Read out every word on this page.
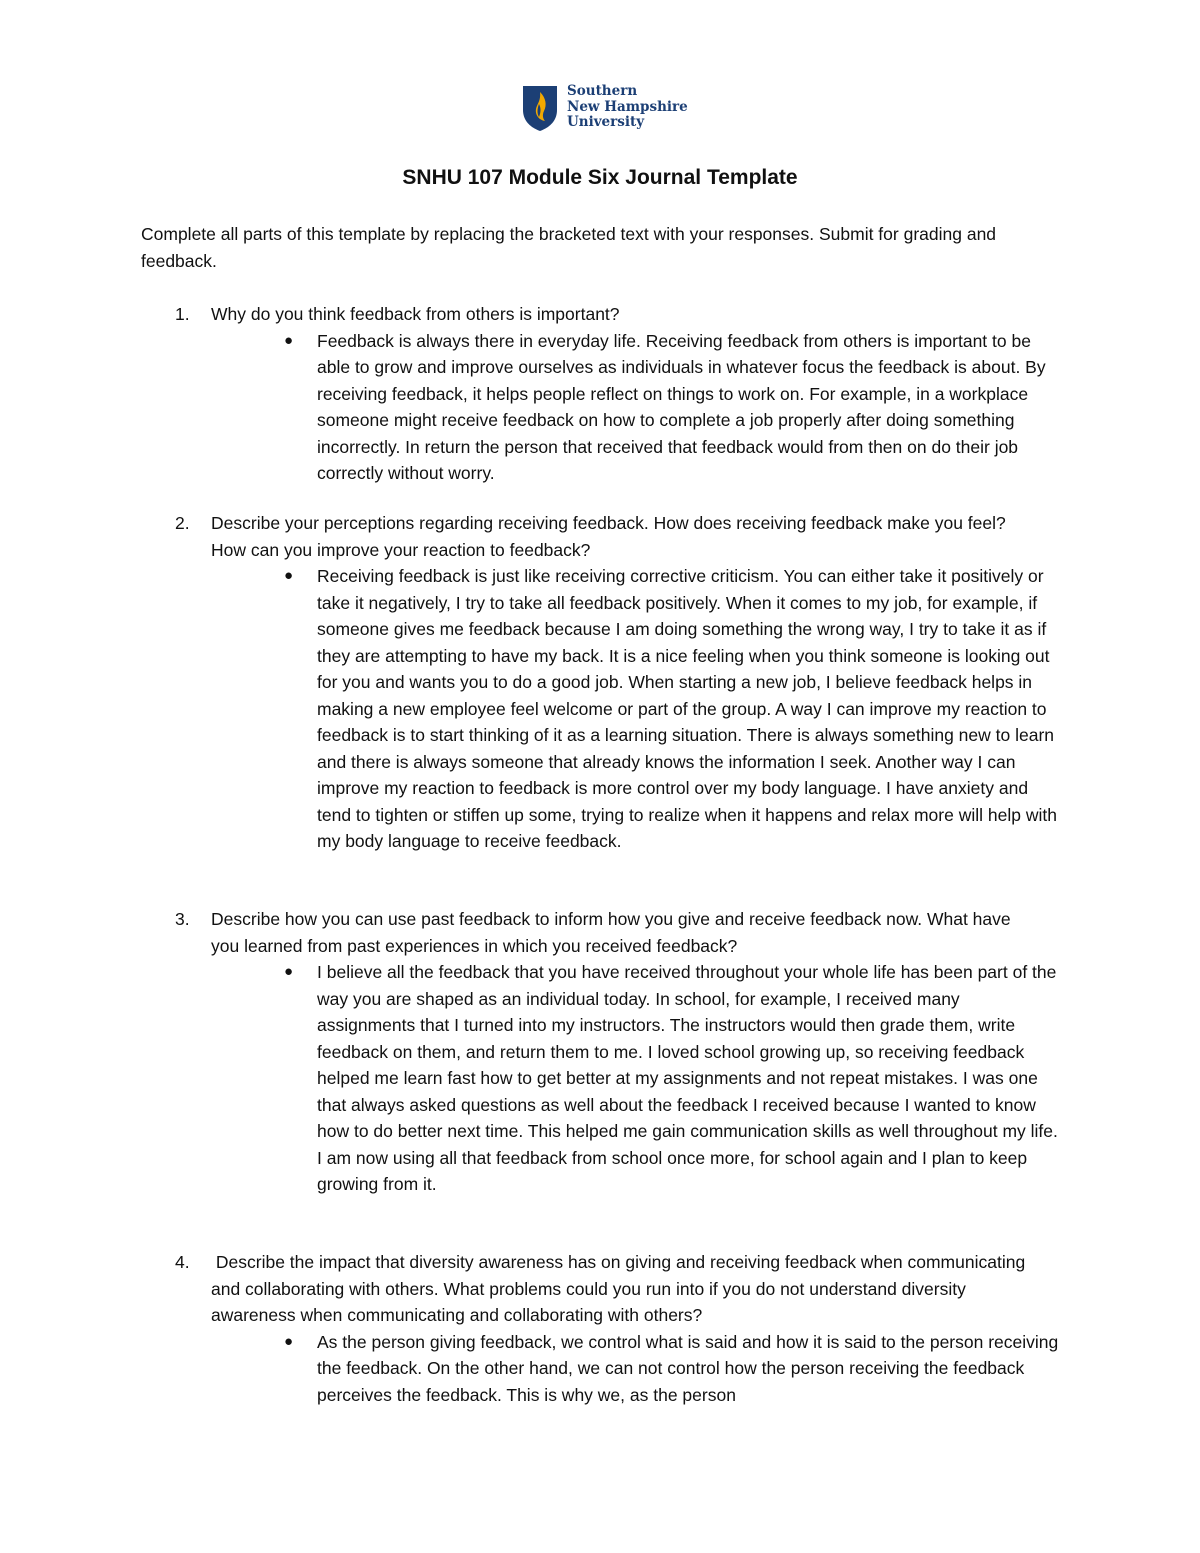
Southern
New Hampshire
University
SNHU 107 Module Six Journal Template
Complete all parts of this template by replacing the bracketed text with your responses. Submit for grading and feedback.
1. Why do you think feedback from others is important?
● Feedback is always there in everyday life. Receiving feedback from others is important to be able to grow and improve ourselves as individuals in whatever focus the feedback is about. By receiving feedback, it helps people reflect on things to work on. For example, in a workplace someone might receive feedback on how to complete a job properly after doing something incorrectly. In return the person that received that feedback would from then on do their job correctly without worry.
2. Describe your perceptions regarding receiving feedback. How does receiving feedback make you feel? How can you improve your reaction to feedback?
● Receiving feedback is just like receiving corrective criticism. You can either take it positively or take it negatively, I try to take all feedback positively. When it comes to my job, for example, if someone gives me feedback because I am doing something the wrong way, I try to take it as if they are attempting to have my back. It is a nice feeling when you think someone is looking out for you and wants you to do a good job. When starting a new job, I believe feedback helps in making a new employee feel welcome or part of the group. A way I can improve my reaction to feedback is to start thinking of it as a learning situation. There is always something new to learn and there is always someone that already knows the information I seek. Another way I can improve my reaction to feedback is more control over my body language. I have anxiety and tend to tighten or stiffen up some, trying to realize when it happens and relax more will help with my body language to receive feedback.
3. Describe how you can use past feedback to inform how you give and receive feedback now. What have you learned from past experiences in which you received feedback?
● I believe all the feedback that you have received throughout your whole life has been part of the way you are shaped as an individual today. In school, for example, I received many assignments that I turned into my instructors. The instructors would then grade them, write feedback on them, and return them to me. I loved school growing up, so receiving feedback helped me learn fast how to get better at my assignments and not repeat mistakes. I was one that always asked questions as well about the feedback I received because I wanted to know how to do better next time. This helped me gain communication skills as well throughout my life. I am now using all that feedback from school once more, for school again and I plan to keep growing from it.
4. Describe the impact that diversity awareness has on giving and receiving feedback when communicating and collaborating with others. What problems could you run into if you do not understand diversity awareness when communicating and collaborating with others?
● As the person giving feedback, we control what is said and how it is said to the person receiving the feedback. On the other hand, we can not control how the person receiving the feedback perceives the feedback. This is why we, as the person
